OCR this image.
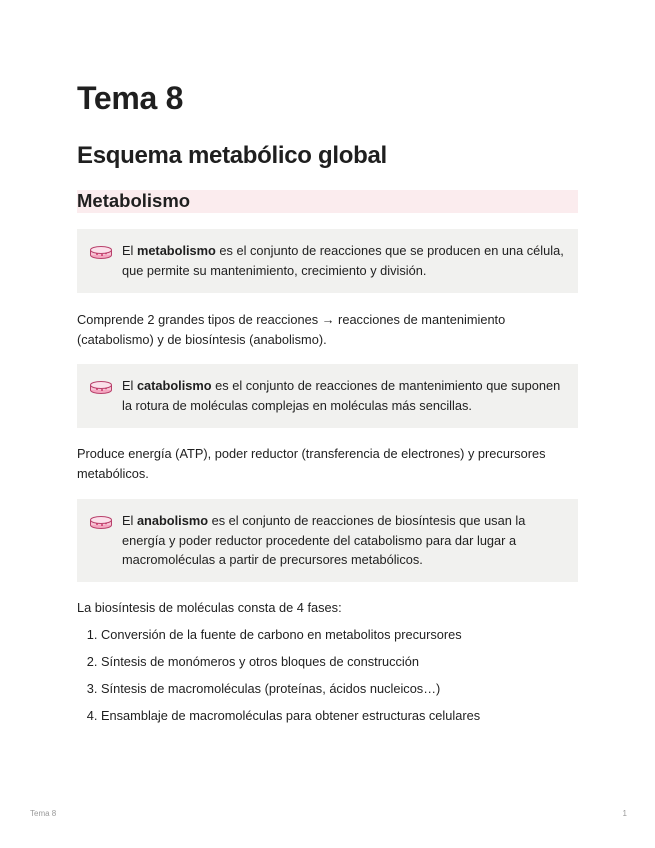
Tema 8
Esquema metabólico global
Metabolismo
El metabolismo es el conjunto de reacciones que se producen en una célula, que permite su mantenimiento, crecimiento y división.

Comprende 2 grandes tipos de reacciones → reacciones de mantenimiento (catabolismo) y de biosíntesis (anabolismo).

El catabolismo es el conjunto de reacciones de mantenimiento que suponen la rotura de moléculas complejas en moléculas más sencillas.

Produce energía (ATP), poder reductor (transferencia de electrones) y precursores metabólicos.

El anabolismo es el conjunto de reacciones de biosíntesis que usan la energía y poder reductor procedente del catabolismo para dar lugar a macromoléculas a partir de precursores metabólicos.

La biosíntesis de moléculas consta de 4 fases:

1. Conversión de la fuente de carbono en metabolitos precursores
2. Síntesis de monómeros y otros bloques de construcción
3. Síntesis de macromoléculas (proteínas, ácidos nucleicos…)
4. Ensamblaje de macromoléculas para obtener estructuras celulares
Tema 8	1
